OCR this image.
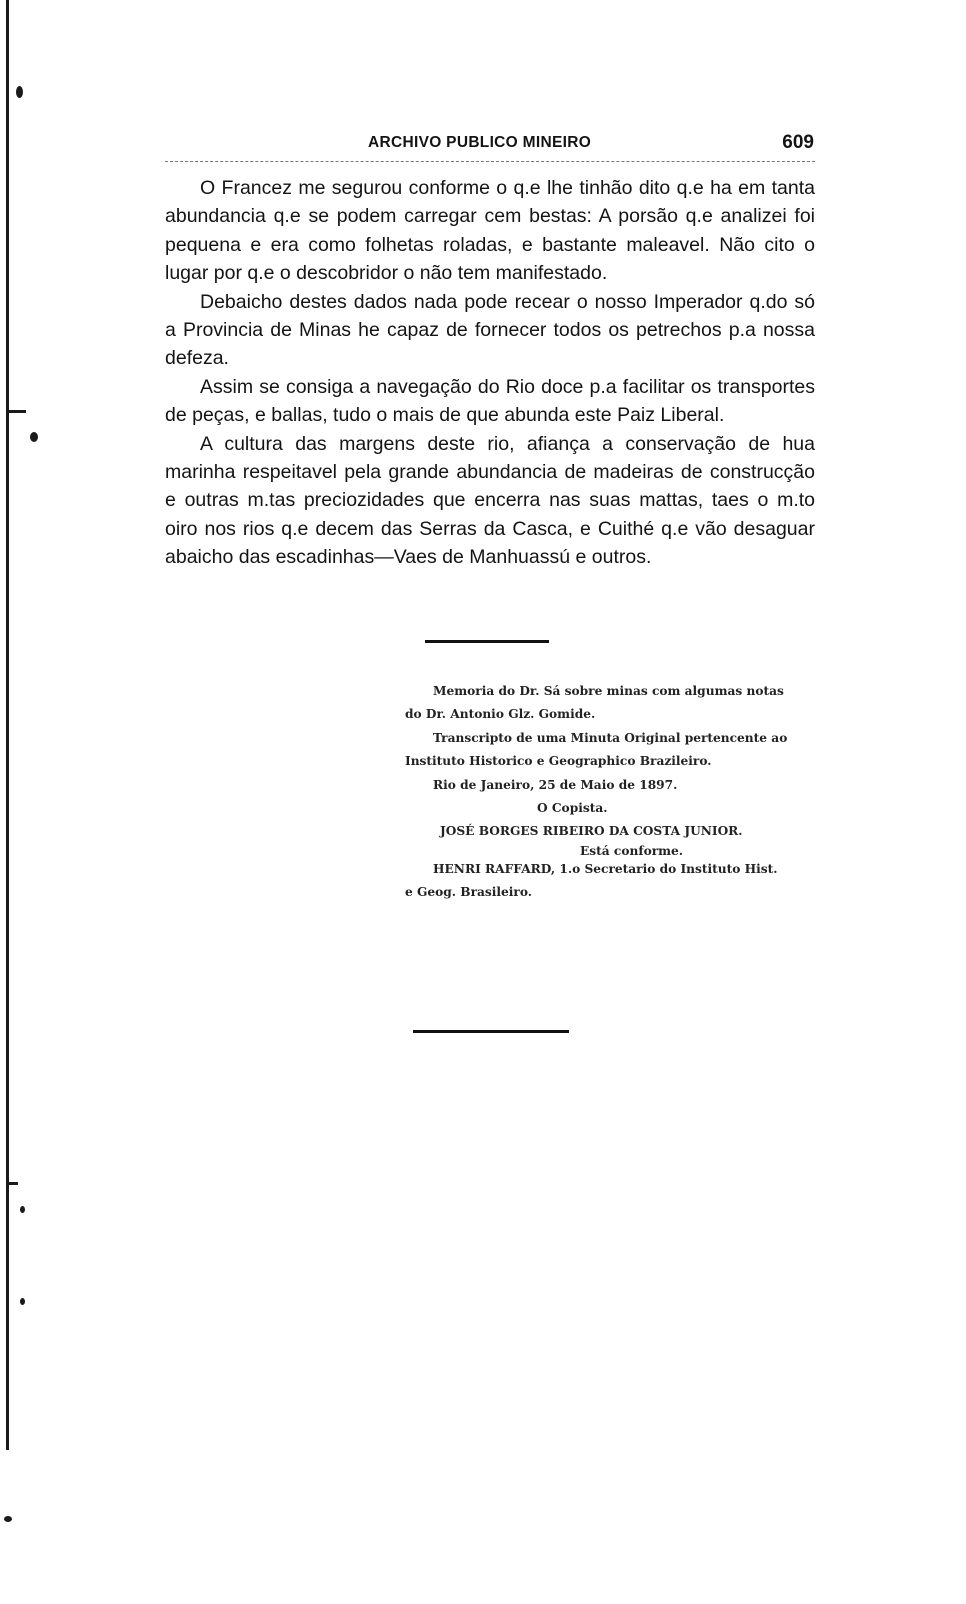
ARCHIVO PUBLICO MINEIRO	609

O Francez me segurou conforme o q.e lhe tinhão dito q.e ha em tanta abundancia q.e se podem carregar cem bestas: A porsão q.e analizei foi pequena e era como folhetas roladas, e bastante maleavel. Não cito o lugar por q.e o descobridor o não tem manifestado.

Debaicho destes dados nada pode recear o nosso Imperador q.do só a Provincia de Minas he capaz de fornecer todos os petrechos p.a nossa defeza.

Assim se consiga a navegação do Rio doce p.a facilitar os transportes de peças, e ballas, tudo o mais de que abunda este Paiz Liberal.

A cultura das margens deste rio, afiança a conservação de hua marinha respeitavel pela grande abundancia de madeiras de construcção e outras m.tas preciozidades que encerra nas suas mattas, taes o m.to oiro nos rios q.e decem das Serras da Casca, e Cuithé q.e vão desaguar abaicho das escadinhas—Vaes de Manhuassú e outros.

Memoria do Dr. Sá sobre minas com algumas notas

do Dr. Antonio Glz. Gomide.

Transcripto de uma Minuta Original pertencente ao

Instituto Historico e Geographico Brazileiro.

Rio de Janeiro, 25 de Maio de 1897.

O Copista.

JOSÉ BORGES RIBEIRO DA COSTA JUNIOR.

Está conforme.

HENRI RAFFARD, 1.o Secretario do Instituto Hist.

e Geog. Brasileiro.
